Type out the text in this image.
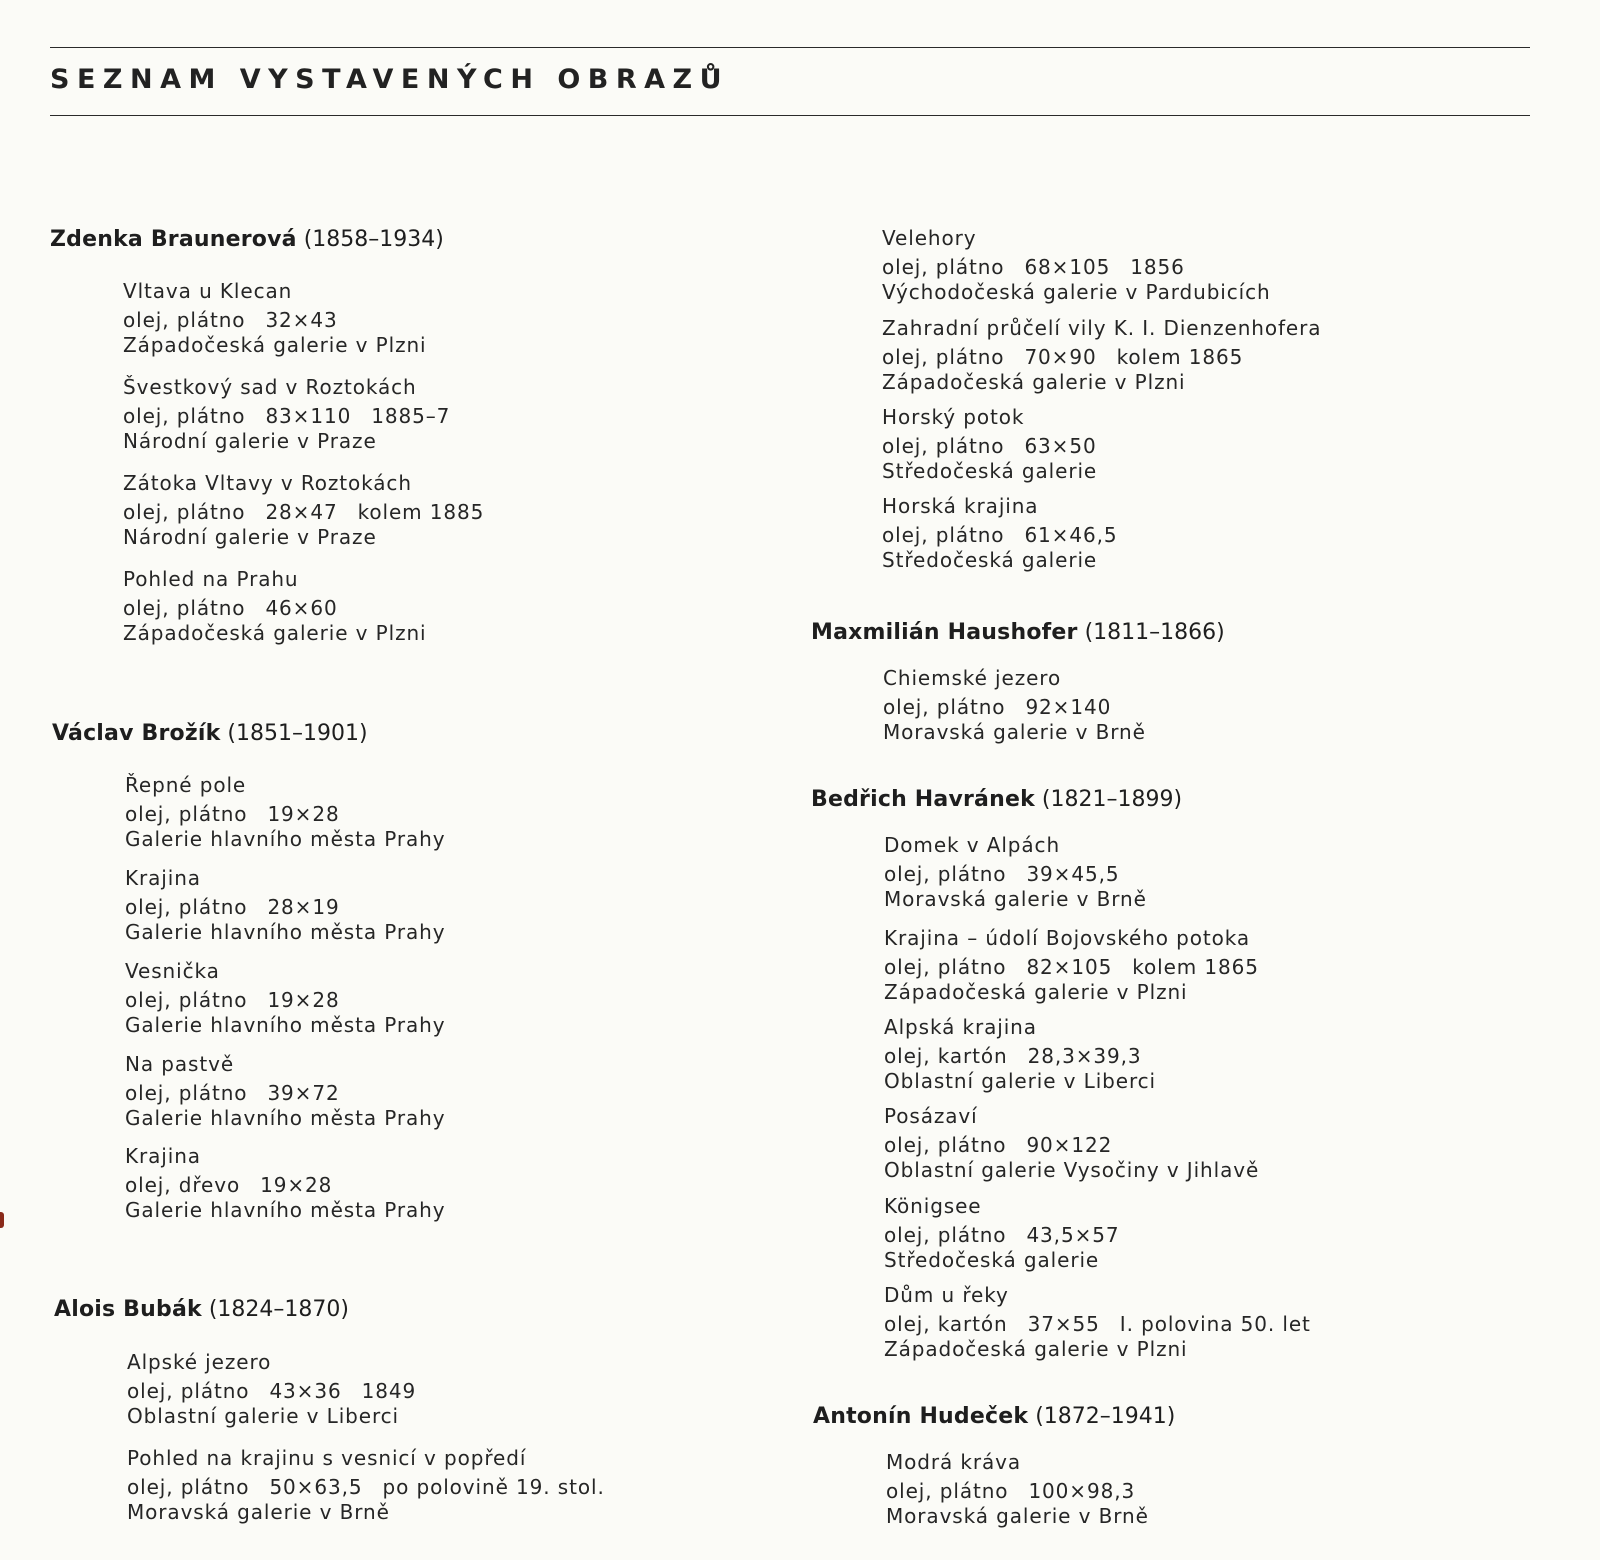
SEZNAM VYSTAVENÝCH OBRAZŮ
Zdenka Braunerová (1858–1934)
Vltava u Klecan
olej, plátno 32×43
Západočeská galerie v Plzni
Švestkový sad v Roztokách
olej, plátno 83×110 1885–7
Národní galerie v Praze
Zátoka Vltavy v Roztokách
olej, plátno 28×47 kolem 1885
Národní galerie v Praze
Pohled na Prahu
olej, plátno 46×60
Západočeská galerie v Plzni
Václav Brožík (1851–1901)
Řepné pole
olej, plátno 19×28
Galerie hlavního města Prahy
Krajina
olej, plátno 28×19
Galerie hlavního města Prahy
Vesnička
olej, plátno 19×28
Galerie hlavního města Prahy
Na pastvě
olej, plátno 39×72
Galerie hlavního města Prahy
Krajina
olej, dřevo 19×28
Galerie hlavního města Prahy
Alois Bubák (1824–1870)
Alpské jezero
olej, plátno 43×36 1849
Oblastní galerie v Liberci
Pohled na krajinu s vesnicí v popředí
olej, plátno 50×63,5 po polovině 19. stol.
Moravská galerie v Brně
Velehory
olej, plátno 68×105 1856
Východočeská galerie v Pardubicích
Zahradní průčelí vily K. I. Dienzenhofera
olej, plátno 70×90 kolem 1865
Západočeská galerie v Plzni
Horský potok
olej, plátno 63×50
Středočeská galerie
Horská krajina
olej, plátno 61×46,5
Středočeská galerie
Maxmilián Haushofer (1811–1866)
Chiemské jezero
olej, plátno 92×140
Moravská galerie v Brně
Bedřich Havránek (1821–1899)
Domek v Alpách
olej, plátno 39×45,5
Moravská galerie v Brně
Krajina – údolí Bojovského potoka
olej, plátno 82×105 kolem 1865
Západočeská galerie v Plzni
Alpská krajina
olej, kartón 28,3×39,3
Oblastní galerie v Liberci
Posázaví
olej, plátno 90×122
Oblastní galerie Vysočiny v Jihlavě
Königsee
olej, plátno 43,5×57
Středočeská galerie
Dům u řeky
olej, kartón 37×55 I. polovina 50. let
Západočeská galerie v Plzni
Antonín Hudeček (1872–1941)
Modrá kráva
olej, plátno 100×98,3
Moravská galerie v Brně
